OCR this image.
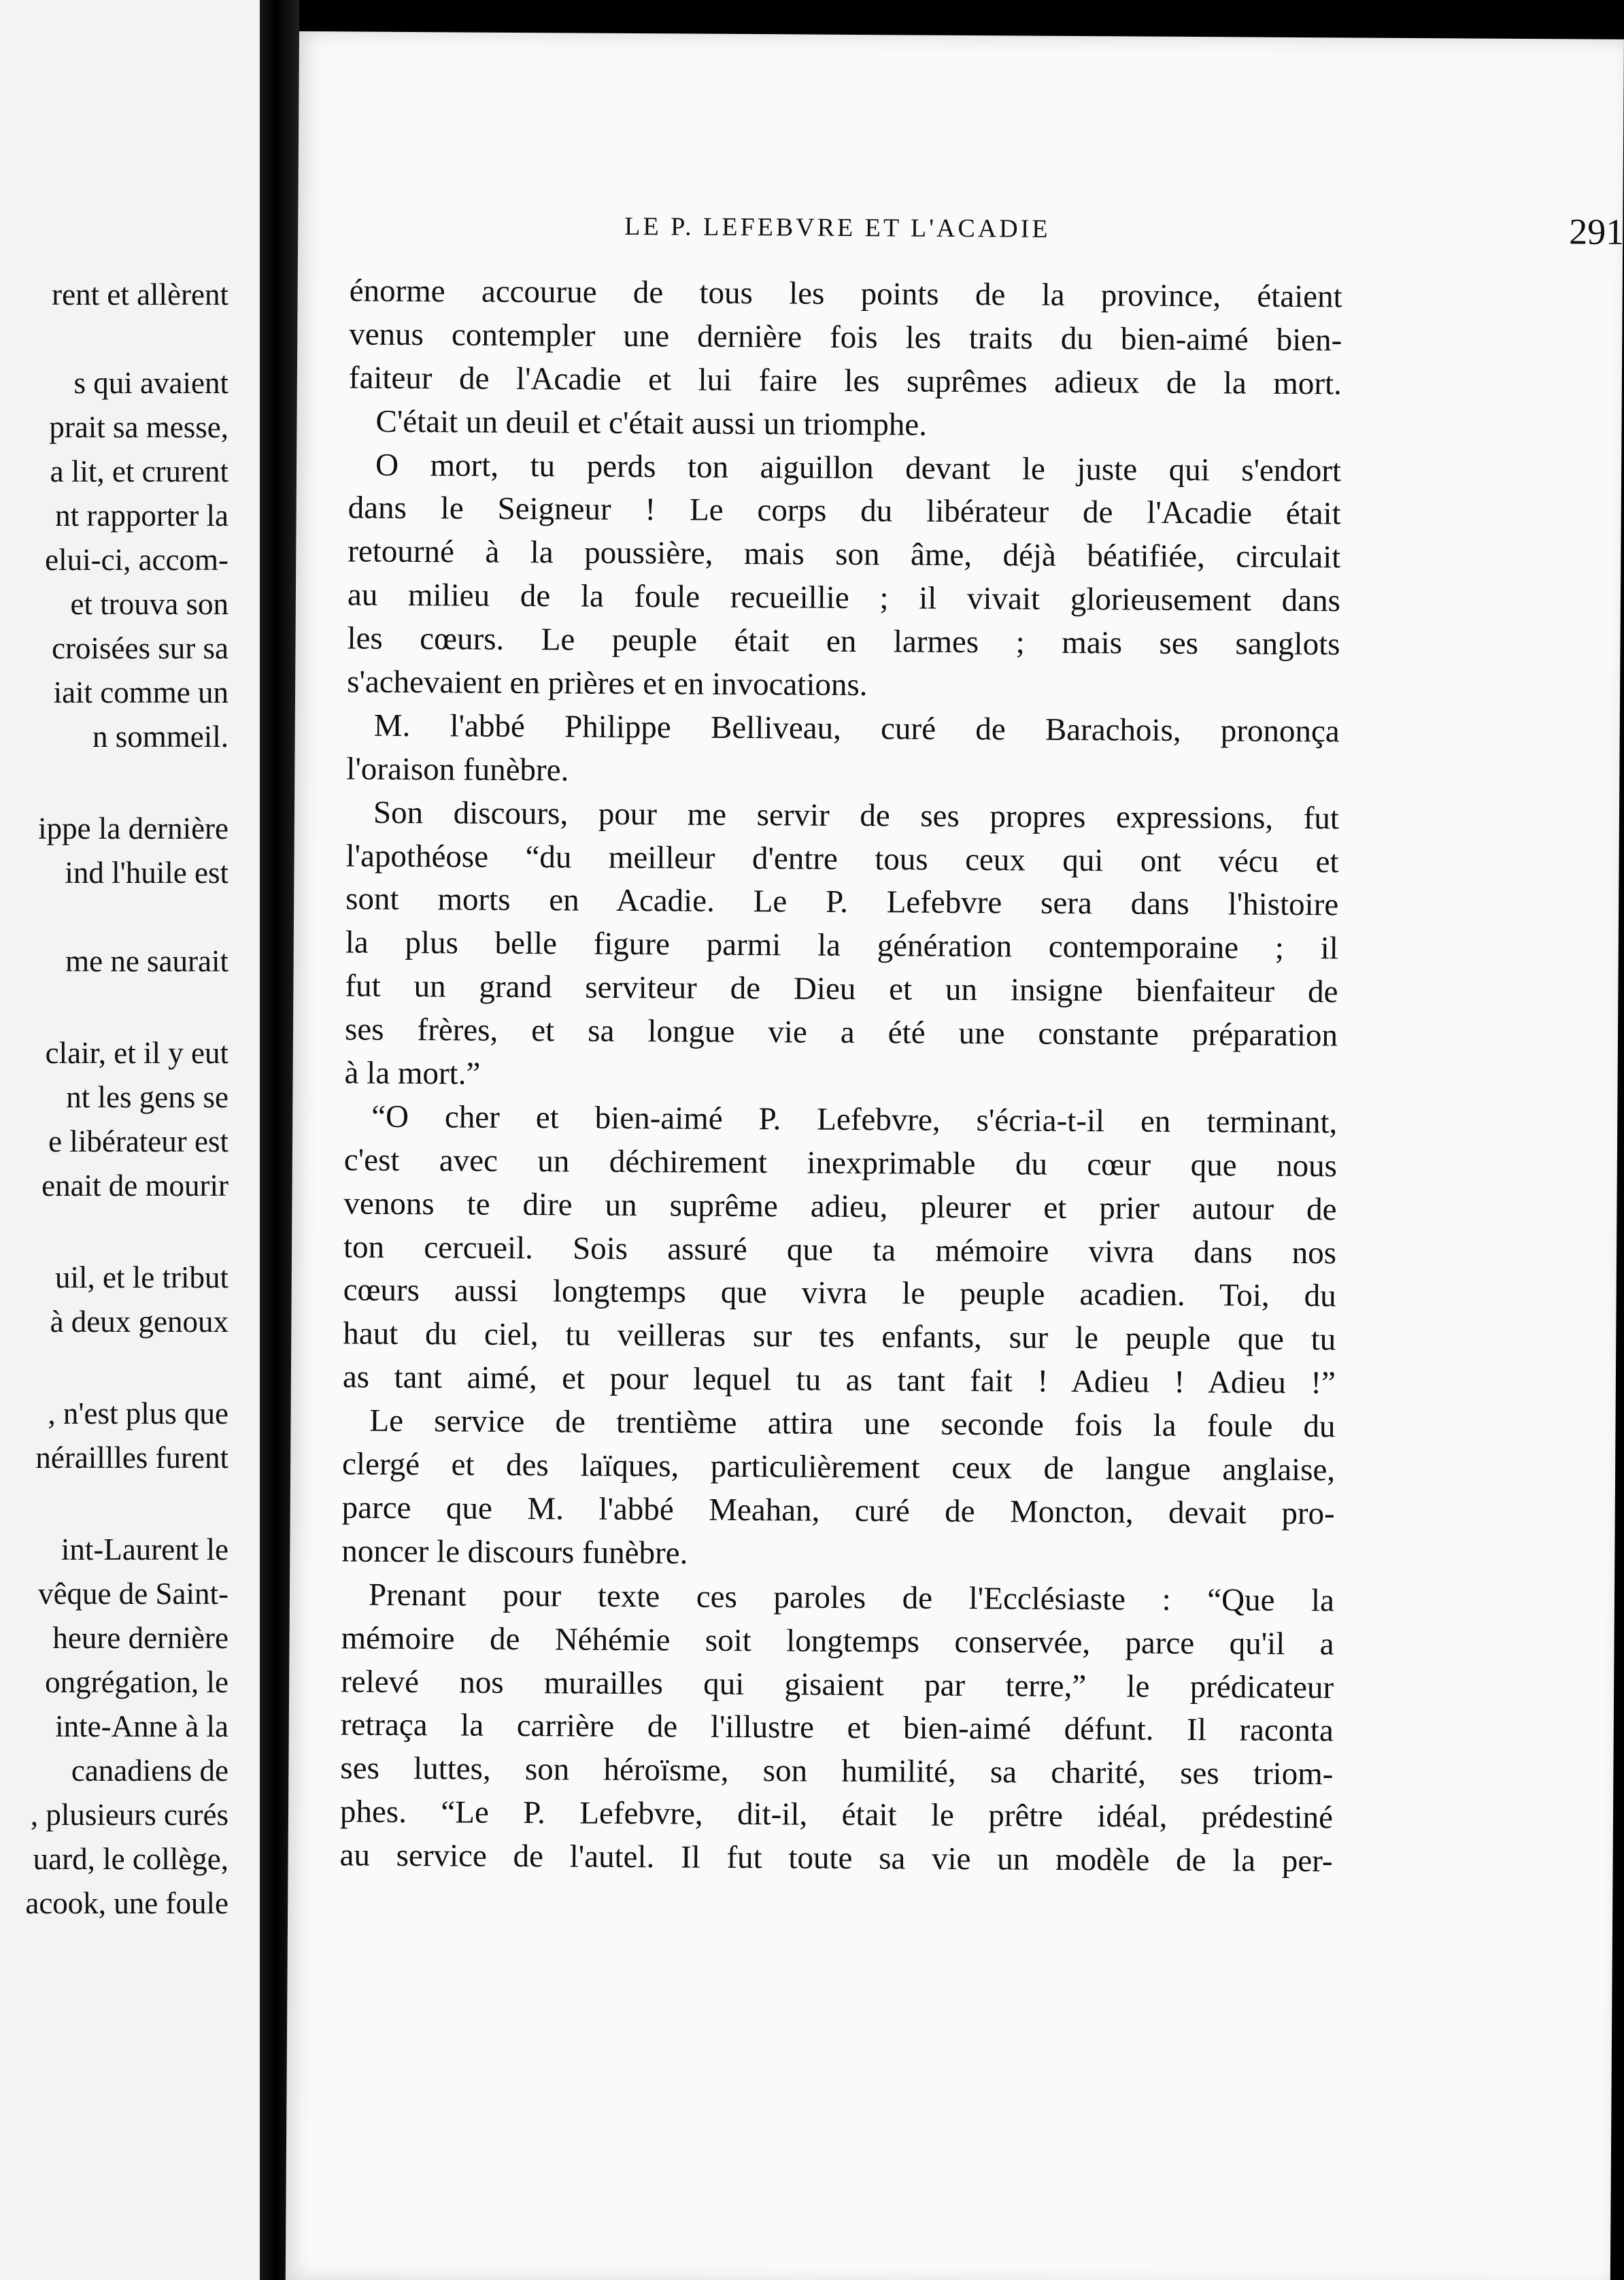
rent et allèrent
s qui avaient
prait sa messe,
a lit, et crurent
nt rapporter la
elui-ci, accom-
et trouva son
croisées sur sa
iait comme un
n sommeil.
ippe la dernière
ind l'huile est
me ne saurait
clair, et il y eut
nt les gens se
e libérateur est
enait de mourir
uil, et le tribut
à deux genoux
, n'est plus que
néraillles furent
int-Laurent le
vêque de Saint-
heure dernière
ongrégation, le
inte-Anne à la
canadiens de
, plusieurs curés
uard, le collège,
acook, une foule
LE P. LEFEBVRE ET L'ACADIE	291
énorme accourue de tous les points de la province, étaient
venus contempler une dernière fois les traits du bien-aimé bien-
faiteur de l'Acadie et lui faire les suprêmes adieux de la mort.
C'était un deuil et c'était aussi un triomphe.
O mort, tu perds ton aiguillon devant le juste qui s'endort
dans le Seigneur ! Le corps du libérateur de l'Acadie était
retourné à la poussière, mais son âme, déjà béatifiée, circulait
au milieu de la foule recueillie ; il vivait glorieusement dans
les cœurs. Le peuple était en larmes ; mais ses sanglots
s'achevaient en prières et en invocations.
M. l'abbé Philippe Belliveau, curé de Barachois, prononça
l'oraison funèbre.
Son discours, pour me servir de ses propres expressions, fut
l'apothéose “du meilleur d'entre tous ceux qui ont vécu et
sont morts en Acadie. Le P. Lefebvre sera dans l'histoire
la plus belle figure parmi la génération contemporaine ; il
fut un grand serviteur de Dieu et un insigne bienfaiteur de
ses frères, et sa longue vie a été une constante préparation
à la mort.”
“O cher et bien-aimé P. Lefebvre, s'écria-t-il en terminant,
c'est avec un déchirement inexprimable du cœur que nous
venons te dire un suprême adieu, pleurer et prier autour de
ton cercueil. Sois assuré que ta mémoire vivra dans nos
cœurs aussi longtemps que vivra le peuple acadien. Toi, du
haut du ciel, tu veilleras sur tes enfants, sur le peuple que tu
as tant aimé, et pour lequel tu as tant fait ! Adieu ! Adieu !”
Le service de trentième attira une seconde fois la foule du
clergé et des laïques, particulièrement ceux de langue anglaise,
parce que M. l'abbé Meahan, curé de Moncton, devait pro-
noncer le discours funèbre.
Prenant pour texte ces paroles de l'Ecclésiaste : “Que la
mémoire de Néhémie soit longtemps conservée, parce qu'il a
relevé nos murailles qui gisaient par terre,” le prédicateur
retraça la carrière de l'illustre et bien-aimé défunt. Il raconta
ses luttes, son héroïsme, son humilité, sa charité, ses triom-
phes. “Le P. Lefebvre, dit-il, était le prêtre idéal, prédestiné
au service de l'autel. Il fut toute sa vie un modèle de la per-
